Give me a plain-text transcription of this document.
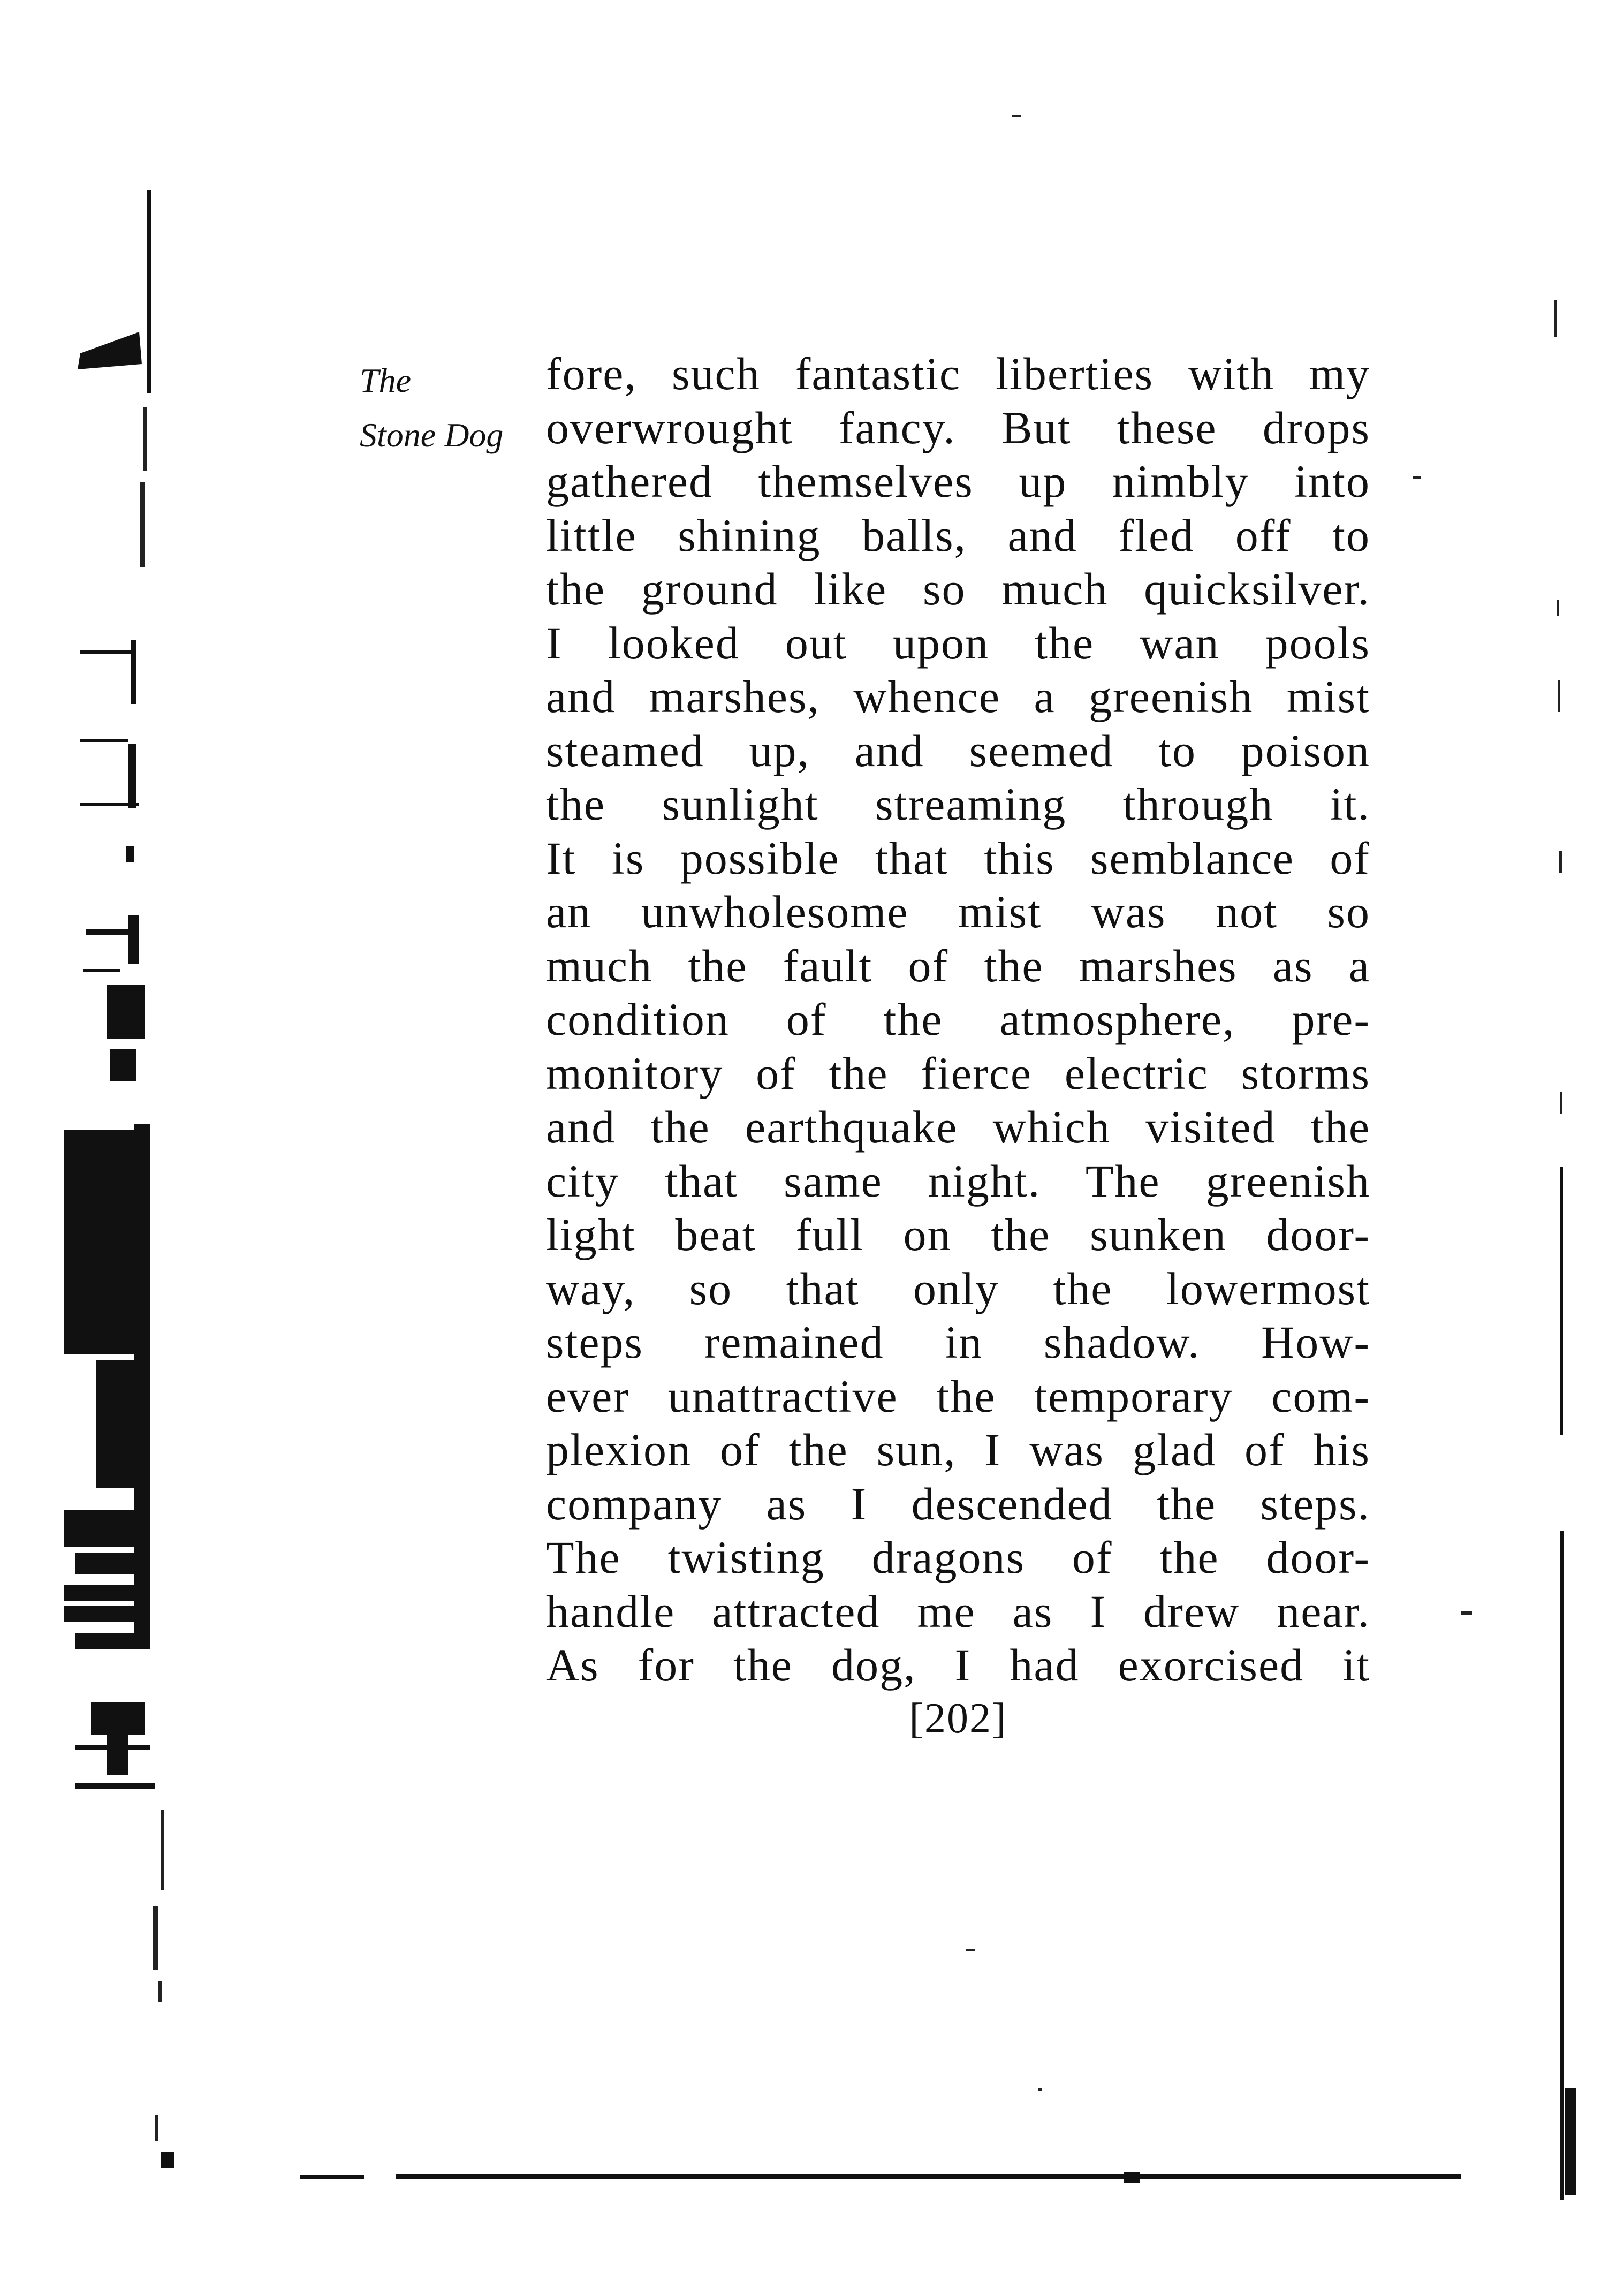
The
Stone Dog
fore, such fantastic liberties with my
overwrought fancy. But these drops
gathered themselves up nimbly into
little shining balls, and fled off to
the ground like so much quicksilver.
I looked out upon the wan pools
and marshes, whence a greenish mist
steamed up, and seemed to poison
the sunlight streaming through it.
It is possible that this semblance of
an unwholesome mist was not so
much the fault of the marshes as a
condition of the atmosphere, pre-
monitory of the fierce electric storms
and the earthquake which visited the
city that same night. The greenish
light beat full on the sunken door-
way, so that only the lowermost
steps remained in shadow. How-
ever unattractive the temporary com-
plexion of the sun, I was glad of his
company as I descended the steps.
The twisting dragons of the door-
handle attracted me as I drew near.
As for the dog, I had exorcised it
[202]
